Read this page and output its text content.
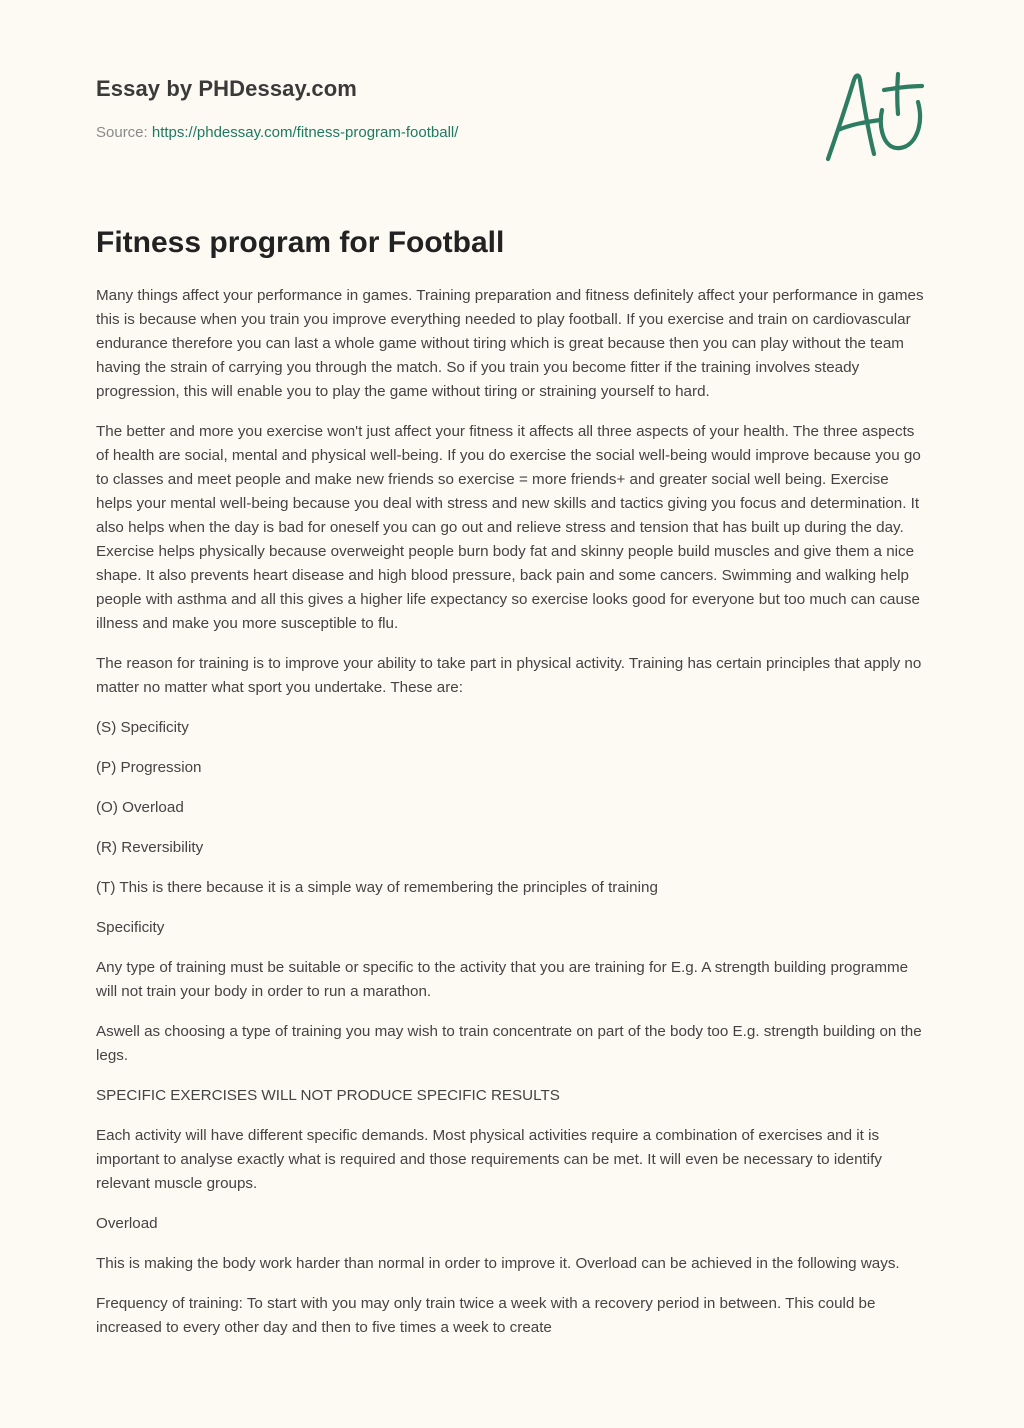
Essay by PHDessay.com

Source: https://phdessay.com/fitness-program-football/

Fitness program for Football

Many things affect your performance in games. Training preparation and fitness definitely affect your performance in games this is because when you train you improve everything needed to play football. If you exercise and train on cardiovascular endurance therefore you can last a whole game without tiring which is great because then you can play without the team having the strain of carrying you through the match. So if you train you become fitter if the training involves steady progression, this will enable you to play the game without tiring or straining yourself to hard.

The better and more you exercise won't just affect your fitness it affects all three aspects of your health. The three aspects of health are social, mental and physical well-being. If you do exercise the social well-being would improve because you go to classes and meet people and make new friends so exercise = more friends+ and greater social well being. Exercise helps your mental well-being because you deal with stress and new skills and tactics giving you focus and determination. It also helps when the day is bad for oneself you can go out and relieve stress and tension that has built up during the day. Exercise helps physically because overweight people burn body fat and skinny people build muscles and give them a nice shape. It also prevents heart disease and high blood pressure, back pain and some cancers. Swimming and walking help people with asthma and all this gives a higher life expectancy so exercise looks good for everyone but too much can cause illness and make you more susceptible to flu.

The reason for training is to improve your ability to take part in physical activity. Training has certain principles that apply no matter no matter what sport you undertake. These are:

(S) Specificity

(P) Progression

(O) Overload

(R) Reversibility

(T) This is there because it is a simple way of remembering the principles of training

Specificity

Any type of training must be suitable or specific to the activity that you are training for E.g. A strength building programme will not train your body in order to run a marathon.

Aswell as choosing a type of training you may wish to train concentrate on part of the body too E.g. strength building on the legs.

SPECIFIC EXERCISES WILL NOT PRODUCE SPECIFIC RESULTS

Each activity will have different specific demands. Most physical activities require a combination of exercises and it is important to analyse exactly what is required and those requirements can be met. It will even be necessary to identify relevant muscle groups.

Overload

This is making the body work harder than normal in order to improve it. Overload can be achieved in the following ways.

Frequency of training: To start with you may only train twice a week with a recovery period in between. This could be increased to every other day and then to five times a week to create
